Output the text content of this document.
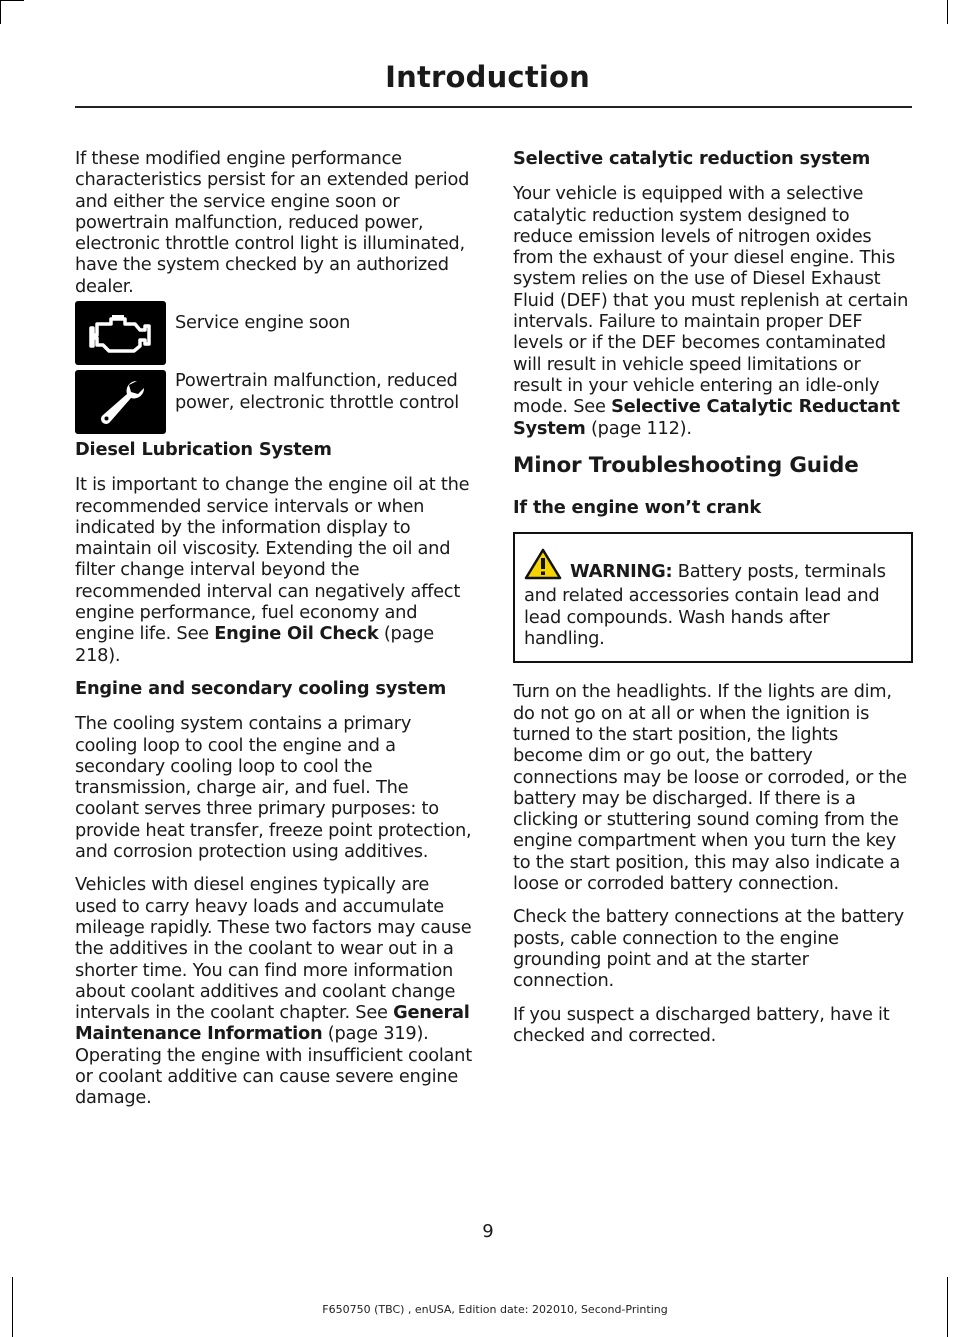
Introduction

If these modified engine performance characteristics persist for an extended period and either the service engine soon or powertrain malfunction, reduced power, electronic throttle control light is illuminated, have the system checked by an authorized dealer.

Service engine soon
Powertrain malfunction, reduced power, electronic throttle control
Diesel Lubrication System

It is important to change the engine oil at the recommended service intervals or when indicated by the information display to maintain oil viscosity. Extending the oil and filter change interval beyond the recommended interval can negatively affect engine performance, fuel economy and engine life. See Engine Oil Check (page 218).

Engine and secondary cooling system

The cooling system contains a primary cooling loop to cool the engine and a secondary cooling loop to cool the transmission, charge air, and fuel. The coolant serves three primary purposes: to provide heat transfer, freeze point protection, and corrosion protection using additives.

Vehicles with diesel engines typically are used to carry heavy loads and accumulate mileage rapidly. These two factors may cause the additives in the coolant to wear out in a shorter time. You can find more information about coolant additives and coolant change intervals in the coolant chapter. See General Maintenance Information (page 319). Operating the engine with insufficient coolant or coolant additive can cause severe engine damage.

Selective catalytic reduction system

Your vehicle is equipped with a selective catalytic reduction system designed to reduce emission levels of nitrogen oxides from the exhaust of your diesel engine. This system relies on the use of Diesel Exhaust Fluid (DEF) that you must replenish at certain intervals. Failure to maintain proper DEF levels or if the DEF becomes contaminated will result in vehicle speed limitations or result in your vehicle entering an idle-only mode. See Selective Catalytic Reductant System (page 112).

Minor Troubleshooting Guide
If the engine won’t crank
WARNING: Battery posts, terminals and related accessories contain lead and lead compounds. Wash hands after handling.

Turn on the headlights. If the lights are dim, do not go on at all or when the ignition is turned to the start position, the lights become dim or go out, the battery connections may be loose or corroded, or the battery may be discharged. If there is a clicking or stuttering sound coming from the engine compartment when you turn the key to the start position, this may also indicate a loose or corroded battery connection.

Check the battery connections at the battery posts, cable connection to the engine grounding point and at the starter connection.

If you suspect a discharged battery, have it checked and corrected.

9
F650750 (TBC) , enUSA, Edition date: 202010, Second-Printing
